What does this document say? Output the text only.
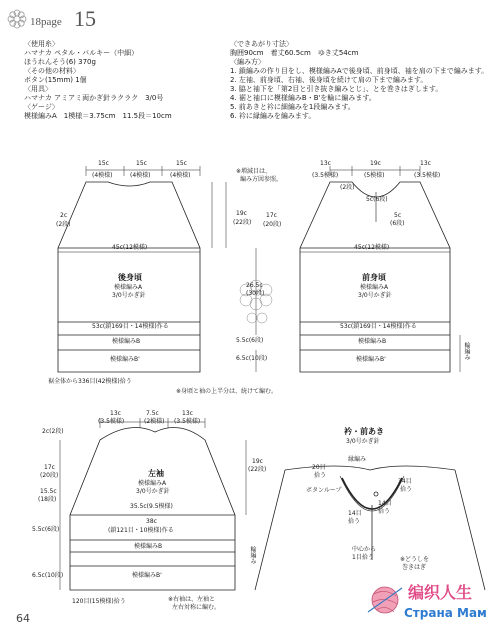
18page 15
〈使用糸〉
ハマナカ ペタル・バルキー（中細）
ほうれんそう(6) 370g
〈その他の材料〉
ボタン(15mm) 1個
〈用具〉
ハマナカ アミアミ両かぎ針ラクラク　3/0号
〈ゲージ〉
模様編みA　1模様＝3.75cm　11.5段＝10cm
〈できあがり寸法〉
胸囲90cm　着丈60.5cm　ゆき丈54cm
〈編み方〉
1. 鎖編みの作り目をし、模様編みAで後身頃、前身頃、袖を肩の下まで編みます。
2. 左袖、前身頃、右袖、後身頃を続けて肩の下まで編みます。
3. 脇と袖下を「第2目と引き抜き編みとじ」、とを巻きはぎします。
4. 裾と袖口に模様編みB・B'を輪に編みます。
5. 前あきと衿に細編みを1段編みます。
6. 衿に縁編みを編みます。
15c
(4模様)
15c
(4模様)
15c
(4模様)
2c
(2段)
19c
(22段)
17c
(20段)
45c(12模様)
後身頃
模様編みA
3/0号かぎ針
53c(鎖169目・14模様)作る
模様編みB
模様編みB'
裾全体から336目(42模様)拾う
※増減目は、
編み方図参照。
26.5c
(30段)
5.5c(6段)
6.5c(10段)
13c
(3.5模様)
19c
(5模様)
13c
(3.5模様)
(2段)
5c(6段)
5c
(6段)
45c(12模様)
前身頃
模様編みA
3/0号かぎ針
53c(鎖169目・14模様)作る
模様編みB
模様編みB'	輪編み
※身頃と袖の上半分は、続けて編む。
13c
(3.5模様)
7.5c
(2模様)
13c
(3.5模様)
2c(2段)
17c
(20段)
15.5c
(18段)
5.5c(6段)
6.5c(10段)
19c
(22段)
左袖
模様編みA
3/0号かぎ針
35.5c(9.5模様)
38c
(鎖121目・10模様)作る
模様編みB
模様編みB'
輪編み
120目(15模様)拾う	※右袖は、左袖と
左右対称に編む。
衿・前あき
3/0号かぎ針
縁編み
20目
拾う
34目
拾う
ボタンループ
14目
拾う
14目
拾う
中心から
1目拾う	※どうしを
巻きはぎ
编织人生
Страна Мам
64
